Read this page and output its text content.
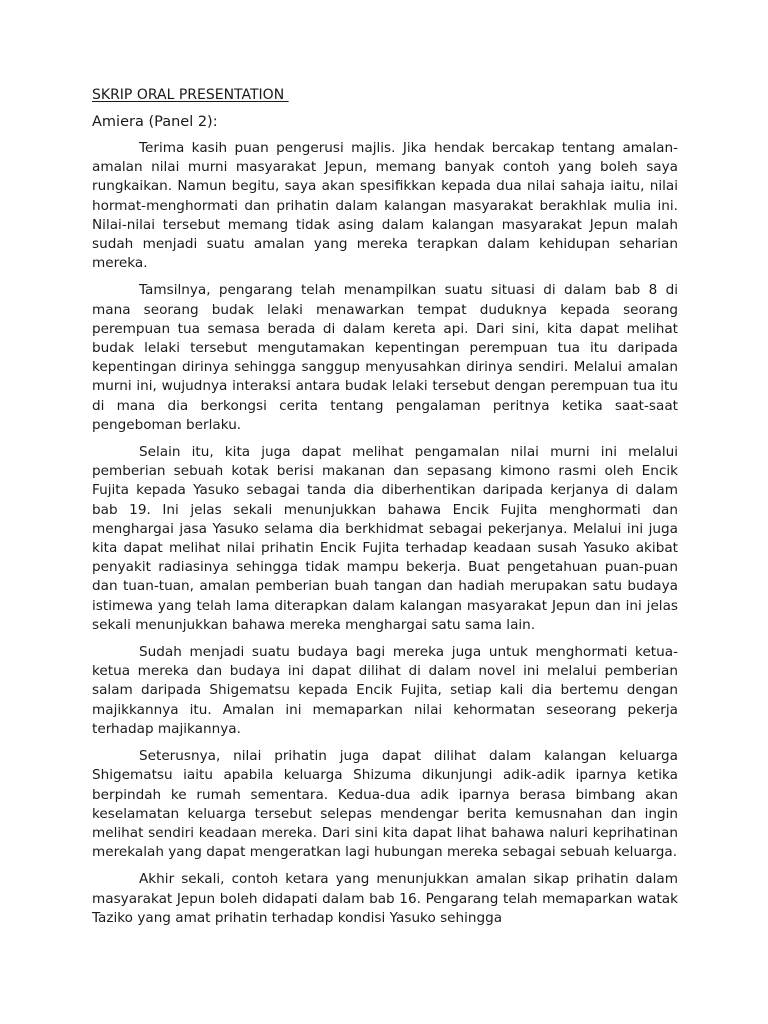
SKRIP ORAL PRESENTATION
Amiera (Panel 2):

Terima kasih puan pengerusi majlis. Jika hendak bercakap tentang amalan-amalan nilai murni masyarakat Jepun, memang banyak contoh yang boleh saya rungkaikan. Namun begitu, saya akan spesifikkan kepada dua nilai sahaja iaitu, nilai hormat-menghormati dan prihatin dalam kalangan masyarakat berakhlak mulia ini. Nilai-nilai tersebut memang tidak asing dalam kalangan masyarakat Jepun malah sudah menjadi suatu amalan yang mereka terapkan dalam kehidupan seharian mereka.

Tamsilnya, pengarang telah menampilkan suatu situasi di dalam bab 8 di mana seorang budak lelaki menawarkan tempat duduknya kepada seorang perempuan tua semasa berada di dalam kereta api. Dari sini, kita dapat melihat budak lelaki tersebut mengutamakan kepentingan perempuan tua itu daripada kepentingan dirinya sehingga sanggup menyusahkan dirinya sendiri. Melalui amalan murni ini, wujudnya interaksi antara budak lelaki tersebut dengan perempuan tua itu di mana dia berkongsi cerita tentang pengalaman peritnya ketika saat-saat pengeboman berlaku.

Selain itu, kita juga dapat melihat pengamalan nilai murni ini melalui pemberian sebuah kotak berisi makanan dan sepasang kimono rasmi oleh Encik Fujita kepada Yasuko sebagai tanda dia diberhentikan daripada kerjanya di dalam bab 19. Ini jelas sekali menunjukkan bahawa Encik Fujita menghormati dan menghargai jasa Yasuko selama dia berkhidmat sebagai pekerjanya. Melalui ini juga kita dapat melihat nilai prihatin Encik Fujita terhadap keadaan susah Yasuko akibat penyakit radiasinya sehingga tidak mampu bekerja. Buat pengetahuan puan-puan dan tuan-tuan, amalan pemberian buah tangan dan hadiah merupakan satu budaya istimewa yang telah lama diterapkan dalam kalangan masyarakat Jepun dan ini jelas sekali menunjukkan bahawa mereka menghargai satu sama lain.

Sudah menjadi suatu budaya bagi mereka juga untuk menghormati ketua-ketua mereka dan budaya ini dapat dilihat di dalam novel ini melalui pemberian salam daripada Shigematsu kepada Encik Fujita, setiap kali dia bertemu dengan majikkannya itu. Amalan ini memaparkan nilai kehormatan seseorang pekerja terhadap majikannya.

Seterusnya, nilai prihatin juga dapat dilihat dalam kalangan keluarga Shigematsu iaitu apabila keluarga Shizuma dikunjungi adik-adik iparnya ketika berpindah ke rumah sementara. Kedua-dua adik iparnya berasa bimbang akan keselamatan keluarga tersebut selepas mendengar berita kemusnahan dan ingin melihat sendiri keadaan mereka. Dari sini kita dapat lihat bahawa naluri keprihatinan merekalah yang dapat mengeratkan lagi hubungan mereka sebagai sebuah keluarga.

Akhir sekali, contoh ketara yang menunjukkan amalan sikap prihatin dalam masyarakat Jepun boleh didapati dalam bab 16. Pengarang telah memaparkan watak Taziko yang amat prihatin terhadap kondisi Yasuko sehingga
